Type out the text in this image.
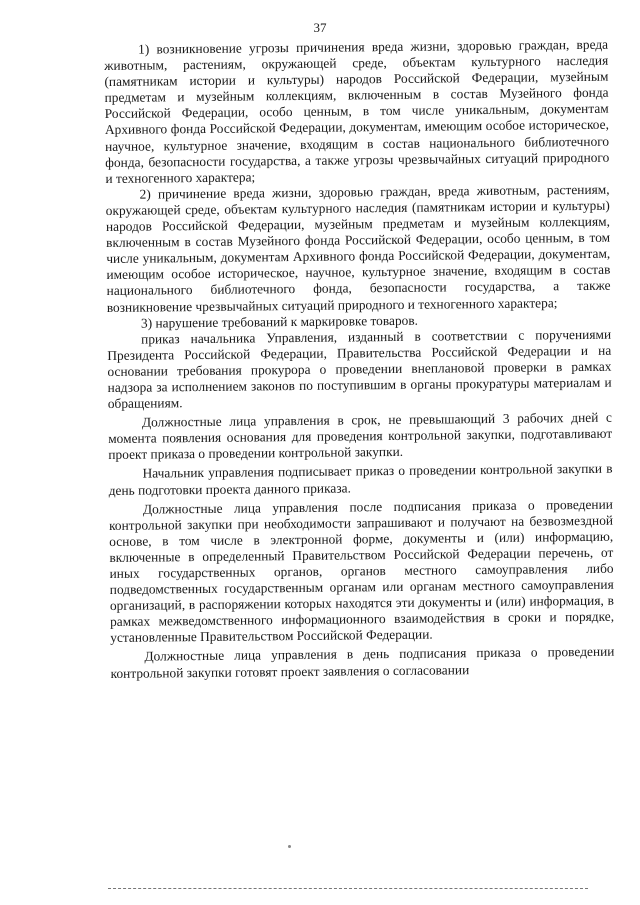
37

1) возникновение угрозы причинения вреда жизни, здоровью граждан, вреда животным, растениям, окружающей среде, объектам культурного наследия (памятникам истории и культуры) народов Российской Федерации, музейным предметам и музейным коллекциям, включенным в состав Музейного фонда Российской Федерации, особо ценным, в том числе уникальным, документам Архивного фонда Российской Федерации, документам, имеющим особое историческое, научное, культурное значение, входящим в состав национального библиотечного фонда, безопасности государства, а также угрозы чрезвычайных ситуаций природного и техногенного характера;

2) причинение вреда жизни, здоровью граждан, вреда животным, растениям, окружающей среде, объектам культурного наследия (памятникам истории и культуры) народов Российской Федерации, музейным предметам и музейным коллекциям, включенным в состав Музейного фонда Российской Федерации, особо ценным, в том числе уникальным, документам Архивного фонда Российской Федерации, документам, имеющим особое историческое, научное, культурное значение, входящим в состав национального библиотечного фонда, безопасности государства, а также возникновение чрезвычайных ситуаций природного и техногенного характера;

3) нарушение требований к маркировке товаров.

приказ начальника Управления, изданный в соответствии с поручениями Президента Российской Федерации, Правительства Российской Федерации и на основании требования прокурора о проведении внеплановой проверки в рамках надзора за исполнением законов по поступившим в органы прокуратуры материалам и обращениям.

Должностные лица управления в срок, не превышающий 3 рабочих дней с момента появления основания для проведения контрольной закупки, подготавливают проект приказа о проведении контрольной закупки.

Начальник управления подписывает приказ о проведении контрольной закупки в день подготовки проекта данного приказа.

Должностные лица управления после подписания приказа о проведении контрольной закупки при необходимости запрашивают и получают на безвозмездной основе, в том числе в электронной форме, документы и (или) информацию, включенные в определенный Правительством Российской Федерации перечень, от иных государственных органов, органов местного самоуправления либо подведомственных государственным органам или органам местного самоуправления организаций, в распоряжении которых находятся эти документы и (или) информация, в рамках межведомственного информационного взаимодействия в сроки и порядке, установленные Правительством Российской Федерации.

Должностные лица управления в день подписания приказа о проведении контрольной закупки готовят проект заявления о согласовании
